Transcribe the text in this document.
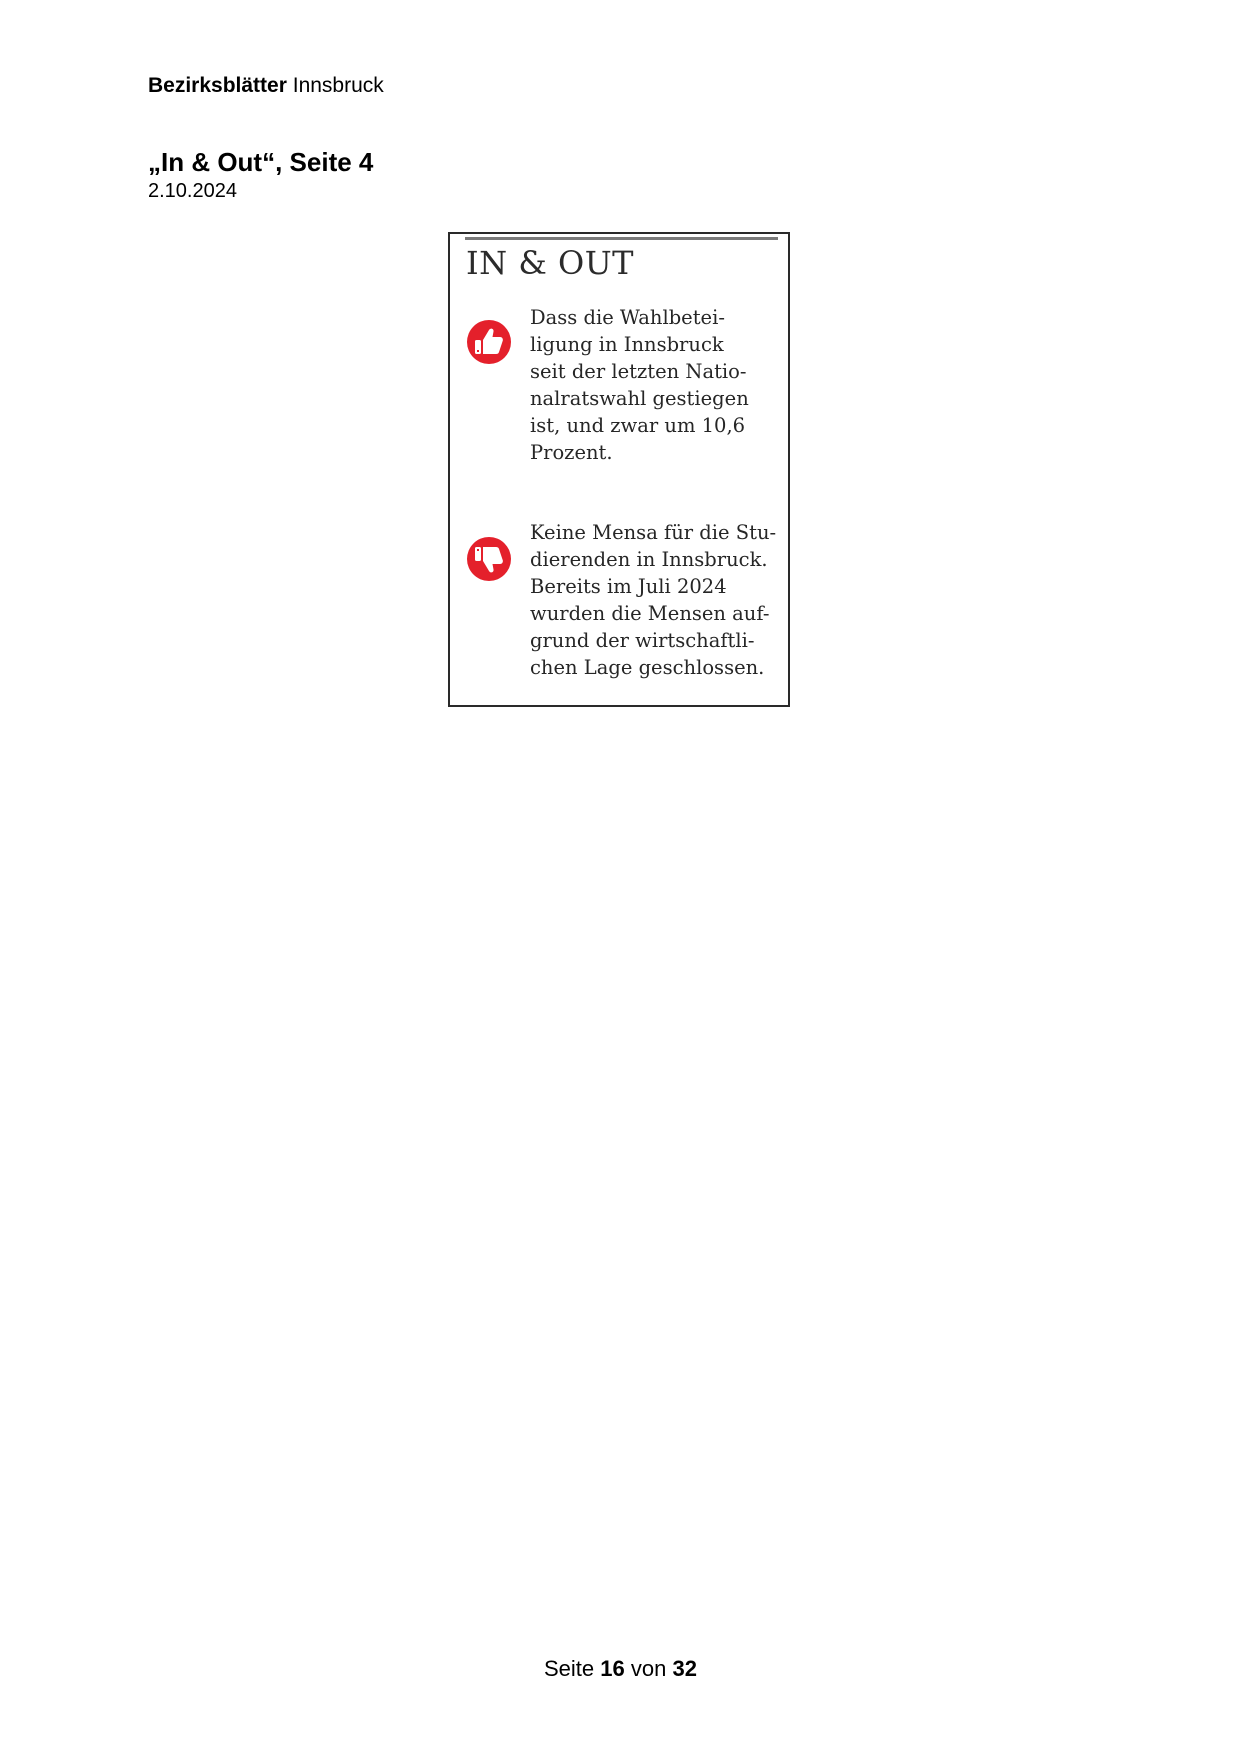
Bezirksblätter Innsbruck
„In & Out“, Seite 4
2.10.2024
IN & OUT
Dass die Wahlbetei-
ligung in Innsbruck
seit der letzten Natio-
nalratswahl gestiegen
ist, und zwar um 10,6
Prozent.
Keine Mensa für die Stu-
dierenden in Innsbruck.
Bereits im Juli 2024
wurden die Mensen auf-
grund der wirtschaftli-
chen Lage geschlossen.
Seite 16 von 32
